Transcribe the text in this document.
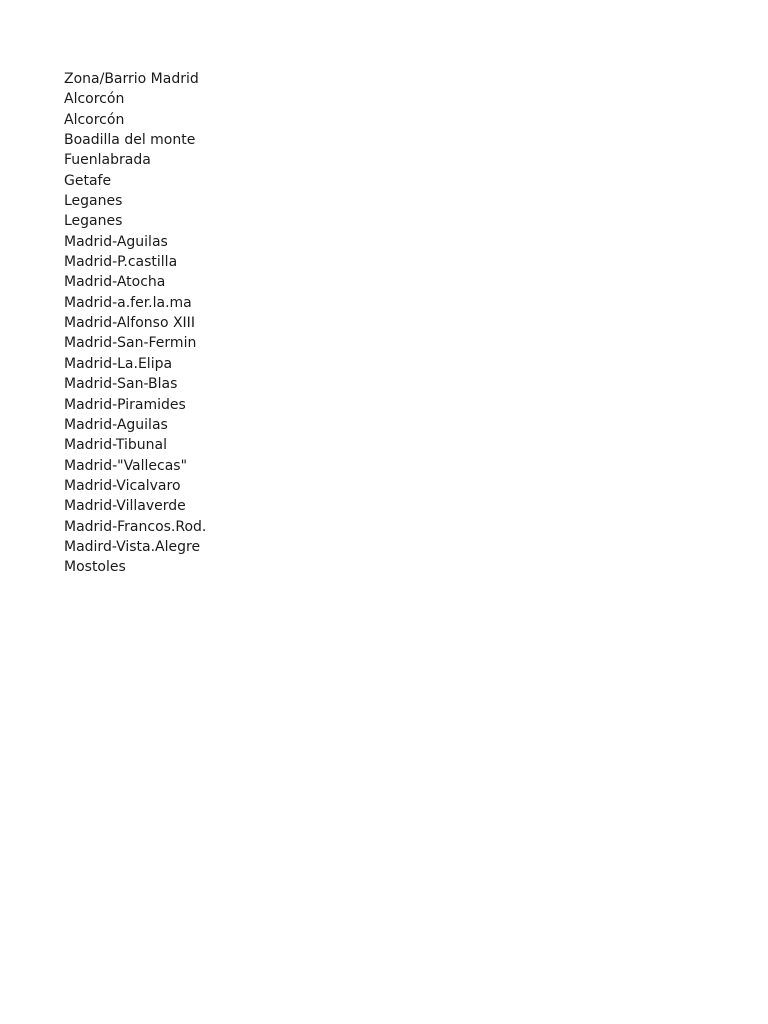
Zona/Barrio Madrid
Alcorcón
Alcorcón
Boadilla del monte
Fuenlabrada
Getafe
Leganes
Leganes
Madrid-Aguilas
Madrid-P.castilla
Madrid-Atocha
Madrid-a.fer.la.ma
Madrid-Alfonso XIII
Madrid-San-Fermin
Madrid-La.Elipa
Madrid-San-Blas
Madrid-Piramides
Madrid-Aguilas
Madrid-Tibunal
Madrid-"Vallecas"
Madrid-Vicalvaro
Madrid-Villaverde
Madrid-Francos.Rod.
Madird-Vista.Alegre
Mostoles
